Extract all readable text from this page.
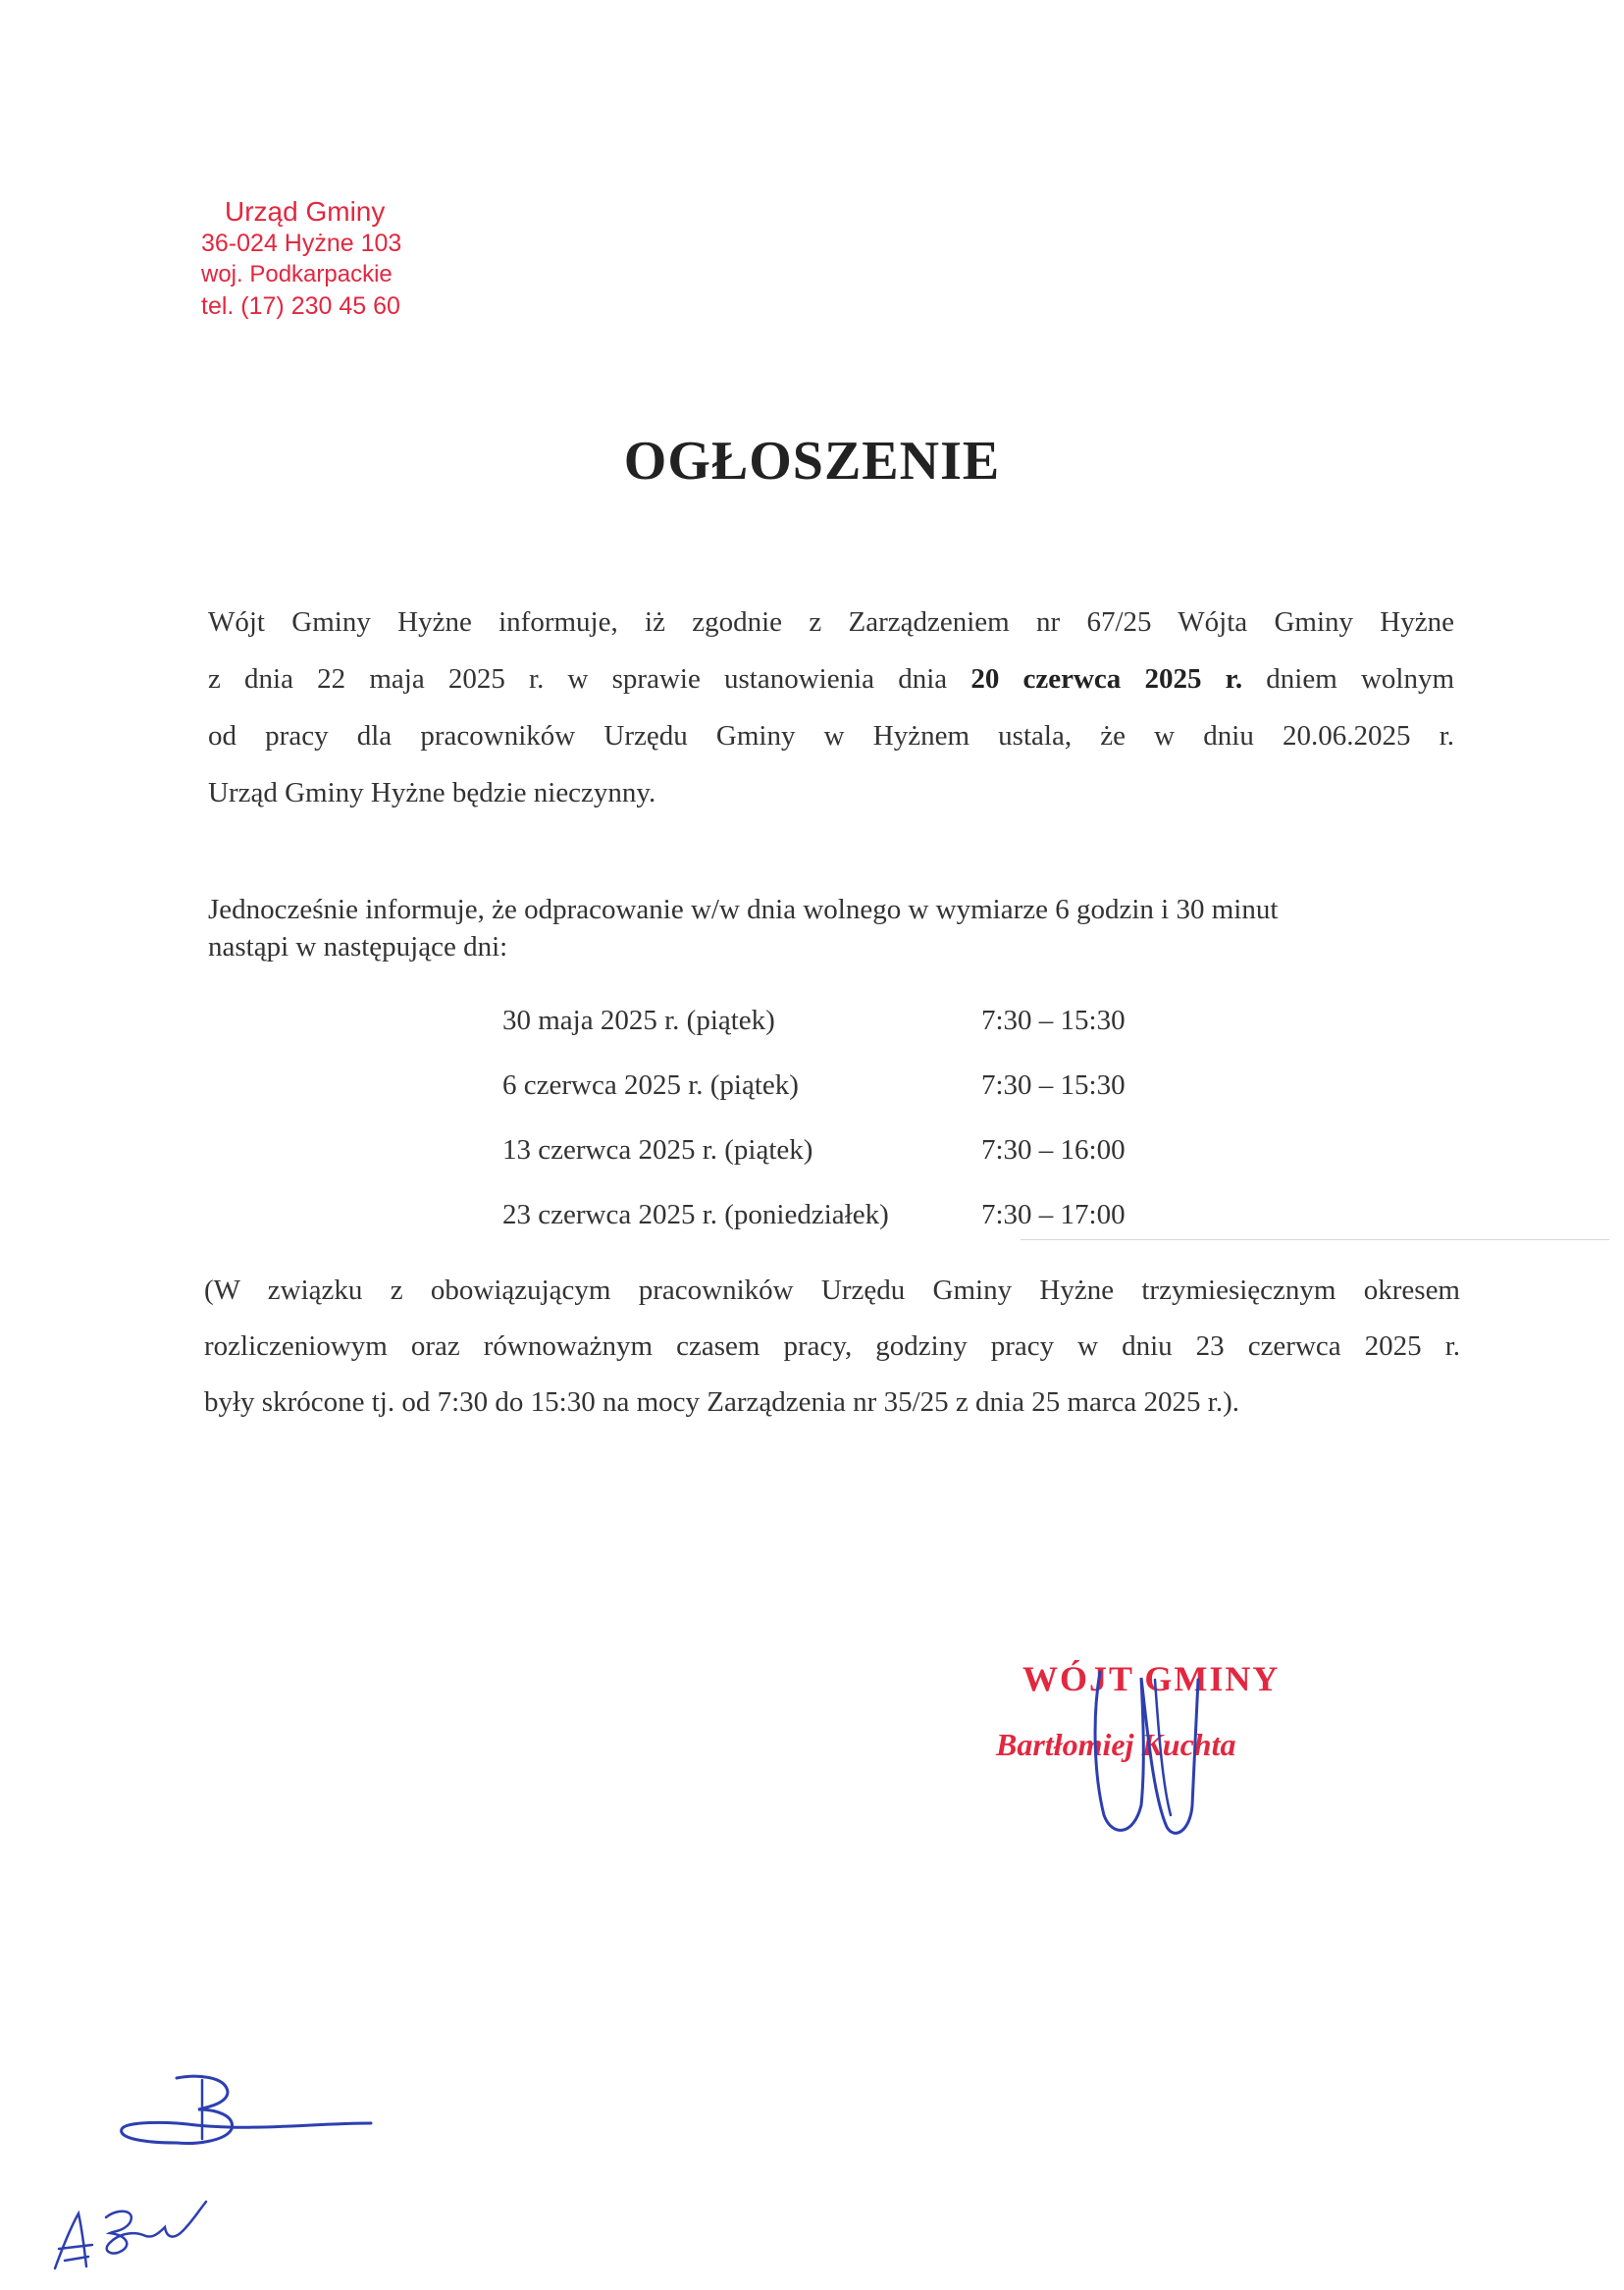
Urząd Gminy
36-024 Hyżne 103
woj. Podkarpackie
tel. (17) 230 45 60
OGŁOSZENIE
Wójt Gminy Hyżne informuje, iż zgodnie z Zarządzeniem nr 67/25 Wójta Gminy Hyżne
z dnia 22 maja 2025 r. w sprawie ustanowienia dnia 20 czerwca 2025 r. dniem wolnym
od pracy dla pracowników Urzędu Gminy w Hyżnem ustala, że w dniu 20.06.2025 r.
Urząd Gminy Hyżne będzie nieczynny.
Jednocześnie informuje, że odpracowanie w/w dnia wolnego w wymiarze 6 godzin i 30 minut
nastąpi w następujące dni:
30 maja 2025 r. (piątek)	7:30 – 15:30
6 czerwca 2025 r. (piątek)	7:30 – 15:30
13 czerwca 2025 r. (piątek)	7:30 – 16:00
23 czerwca 2025 r. (poniedziałek)	7:30 – 17:00
(W związku z obowiązującym pracowników Urzędu Gminy Hyżne trzymiesięcznym okresem
rozliczeniowym oraz równoważnym czasem pracy, godziny pracy w dniu 23 czerwca 2025 r.
były skrócone tj. od 7:30 do 15:30 na mocy Zarządzenia nr 35/25 z dnia 25 marca 2025 r.).
WÓJT GMINY
Bartłomiej Kuchta
